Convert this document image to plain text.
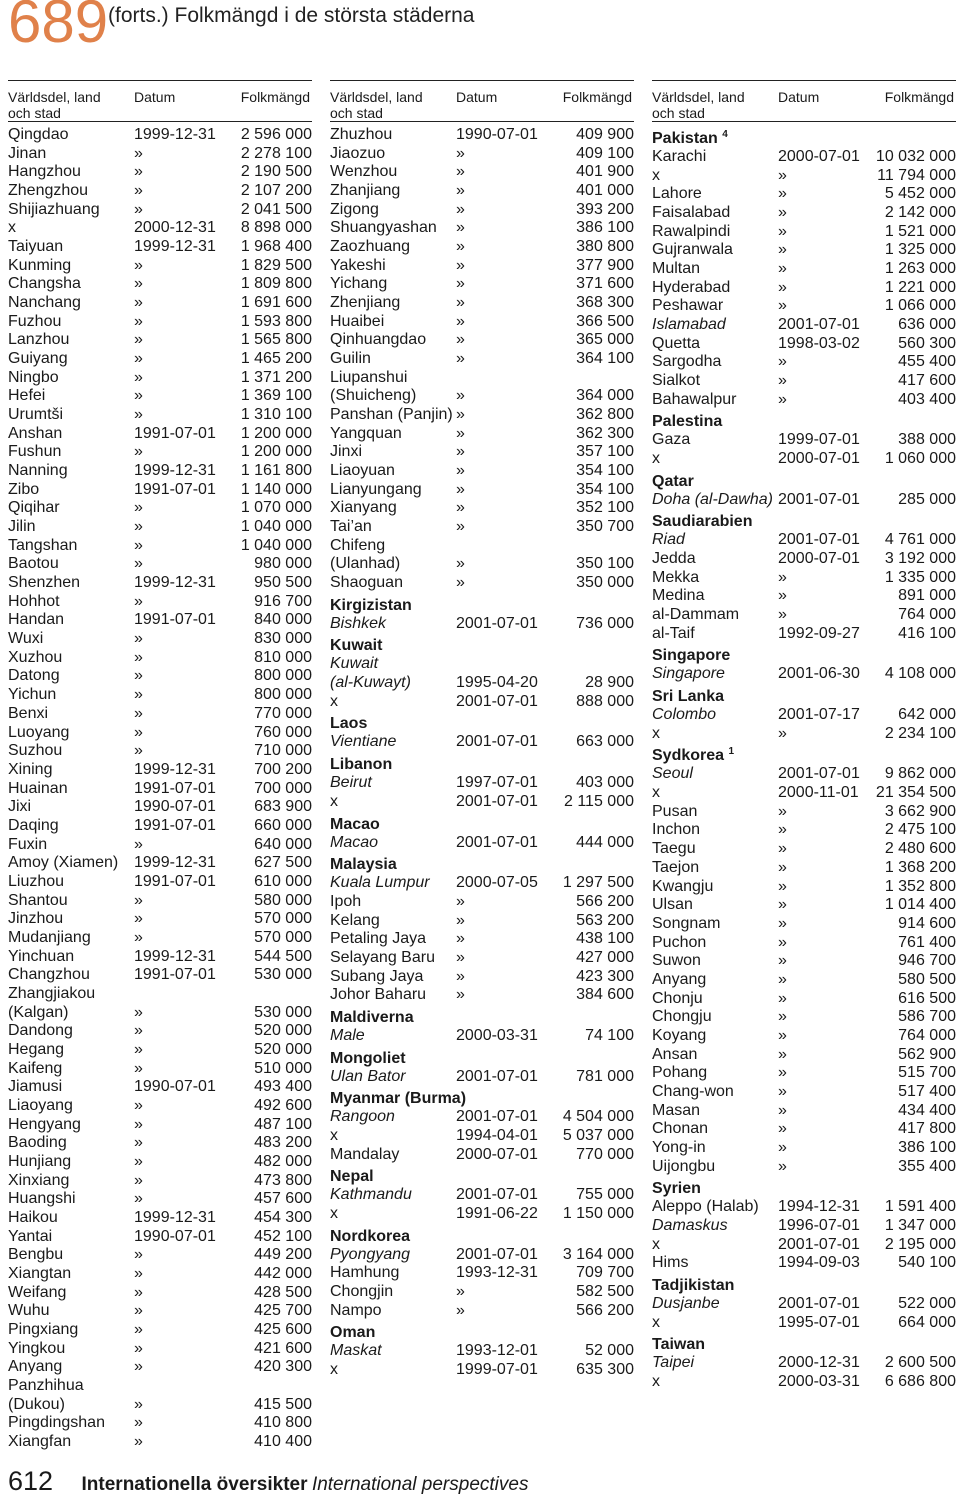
689 (forts.) Folkmängd i de största städerna
Världsdel, land
och stad
Datum	Folkmängd
Qingdao	1999-12-31 2 596 000
Jinan	»	2 278 100
Hangzhou	»	2 190 500
Zhengzhou	»	2 107 200
Shijiazhuang »	2 041 500
x	2000-12-31 8 898 000
Taiyuan	1999-12-31 1 968 400
Kunming	»	1 829 500
Changsha	»	1 809 800
Nanchang	»	1 691 600
Fuzhou	»	1 593 800
Lanzhou	»	1 565 800
Guiyang	»	1 465 200
Ningbo	»	1 371 200
Hefei	»	1 369 100
Urumtši	»	1 310 100
Anshan	1991-07-01 1 200 000
Fushun	»	1 200 000
Nanning	1999-12-31 1 161 800
Zibo	1991-07-01 1 140 000
Qiqihar	»	1 070 000
Jilin	»	1 040 000
Tangshan	»	1 040 000
Baotou	»	980 000
Shenzhen	1999-12-31 950 500
Hohhot	»	916 700
Handan	1991-07-01 840 000
Wuxi	»	830 000
Xuzhou	»	810 000
Datong	»	800 000
Yichun	»	800 000
Benxi	»	770 000
Luoyang	»	760 000
Suzhou	»	710 000
Xining	1999-12-31 700 200
Huainan	1991-07-01 700 000
Jixi	1990-07-01 683 900
Daqing	1991-07-01 660 000
Fuxin	»	640 000
Amoy (Xiamen) 1999-12-31 627 500
Liuzhou	1991-07-01 610 000
Shantou	»	580 000
Jinzhou	»	570 000
Mudanjiang	»	570 000
Yinchuan	1999-12-31 544 500
Changzhou	1991-07-01 530 000
Zhangjiakou
(Kalgan)	»	530 000
Dandong	»	520 000
Hegang	»	520 000
Kaifeng	»	510 000
Jiamusi	1990-07-01 493 400
Liaoyang	»	492 600
Hengyang	»	487 100
Baoding	»	483 200
Hunjiang	»	482 000
Xinxiang	»	473 800
Huangshi	»	457 600
Haikou	1999-12-31 454 300
Yantai	1990-07-01 452 100
Bengbu	»	449 200
Xiangtan	»	442 000
Weifang	»	428 500
Wuhu	»	425 700
Pingxiang	»	425 600
Yingkou	»	421 600
Anyang	»	420 300
Panzhihua
(Dukou)	»	415 500
Pingdingshan »	410 800
Xiangfan	»	410 400
Världsdel, land
och stad
Datum	Folkmängd
Zhuzhou	1990-07-01 409 900
Jiaozuo	»	409 100
Wenzhou	»	401 900
Zhanjiang	»	401 000
Zigong	»	393 200
Shuangyashan »	386 100
Zaozhuang	»	380 800
Yakeshi	»	377 900
Yichang	»	371 600
Zhenjiang	»	368 300
Huaibei	»	366 500
Qinhuangdao »	365 000
Guilin	»	364 100
Liupanshui
(Shuicheng) »	364 000
Panshan (Panjin) »	362 800
Yangquan	»	362 300
Jinxi	»	357 100
Liaoyuan	»	354 100
Lianyungang »	354 100
Xianyang	»	352 100
Tai’an	»	350 700
Chifeng
(Ulanhad)	»	350 100
Shaoguan	»	350 000
Kirgizistan
Bishkek	2001-07-01 736 000
Kuwait
Kuwait
(al-Kuwayt)	1995-04-20	28 900
x	2001-07-01 888 000
Laos
Vientiane	2001-07-01 663 000
Libanon
Beirut	1997-07-01 403 000
x	2001-07-01 2 115 000
Macao
Macao	2001-07-01 444 000
Malaysia
Kuala Lumpur 2000-07-05 1 297 500
Ipoh	»	566 200
Kelang	»	563 200
Petaling Jaya »	438 100
Selayang Baru »	427 000
Subang Jaya »	423 300
Johor Baharu »	384 600
Maldiverna
Male	2000-03-31	74 100
Mongoliet
Ulan Bator	2001-07-01 781 000
Myanmar (Burma)
Rangoon	2001-07-01 4 504 000
x	1994-04-01 5 037 000
Mandalay	2000-07-01 770 000
Nepal
Kathmandu	2001-07-01 755 000
x	1991-06-22 1 150 000
Nordkorea
Pyongyang	2001-07-01 3 164 000
Hamhung	1993-12-31 709 700
Chongjin	»	582 500
Nampo	»	566 200
Oman
Maskat	1993-12-01	52 000
x	1999-07-01 635 300
Världsdel, land
och stad
Datum	Folkmängd
Pakistan $^4$
Karachi	2000-07-01 10 032 000
x	»	11 794 000
Lahore	»	5 452 000
Faisalabad	»	2 142 000
Rawalpindi	»	1 521 000
Gujranwala	»	1 325 000
Multan	»	1 263 000
Hyderabad	»	1 221 000
Peshawar	»	1 066 000
Islamabad	2001-07-01 636 000
Quetta	1998-03-02 560 300
Sargodha	»	455 400
Sialkot	»	417 600
Bahawalpur	»	403 400
Palestina
Gaza	1999-07-01 388 000
x	2000-07-01 1 060 000
Qatar
Doha (al-Dawha) 2001-07-01 285 000
Saudiarabien
Riad	2001-07-01 4 761 000
Jedda	2000-07-01 3 192 000
Mekka	»	1 335 000
Medina	»	891 000
al-Dammam »	764 000
al-Taif	1992-09-27 416 100
Singapore
Singapore	2001-06-30 4 108 000
Sri Lanka
Colombo	2001-07-17 642 000
x	»	2 234 100
Sydkorea $^1$
Seoul	2001-07-01 9 862 000
x	2000-11-01 21 354 500
Pusan	»	3 662 900
Inchon	»	2 475 100
Taegu	»	2 480 600
Taejon	»	1 368 200
Kwangju	»	1 352 800
Ulsan	»	1 014 400
Songnam	»	914 600
Puchon	»	761 400
Suwon	»	946 700
Anyang	»	580 500
Chonju	»	616 500
Chongju	»	586 700
Koyang	»	764 000
Ansan	»	562 900
Pohang	»	515 700
Chang-won	»	517 400
Masan	»	434 400
Chonan	»	417 800
Yong-in	»	386 100
Uijongbu	»	355 400
Syrien
Aleppo (Halab) 1994-12-31 1 591 400
Damaskus	1996-07-01 1 347 000
x	2001-07-01 2 195 000
Hims	1994-09-03 540 100
Tadjikistan
Dusjanbe	2001-07-01 522 000
x	1995-07-01 664 000
Taiwan
Taipei	2000-12-31 2 600 500
x	2000-03-31 6 686 800
612 Internationella översikter International perspectives
